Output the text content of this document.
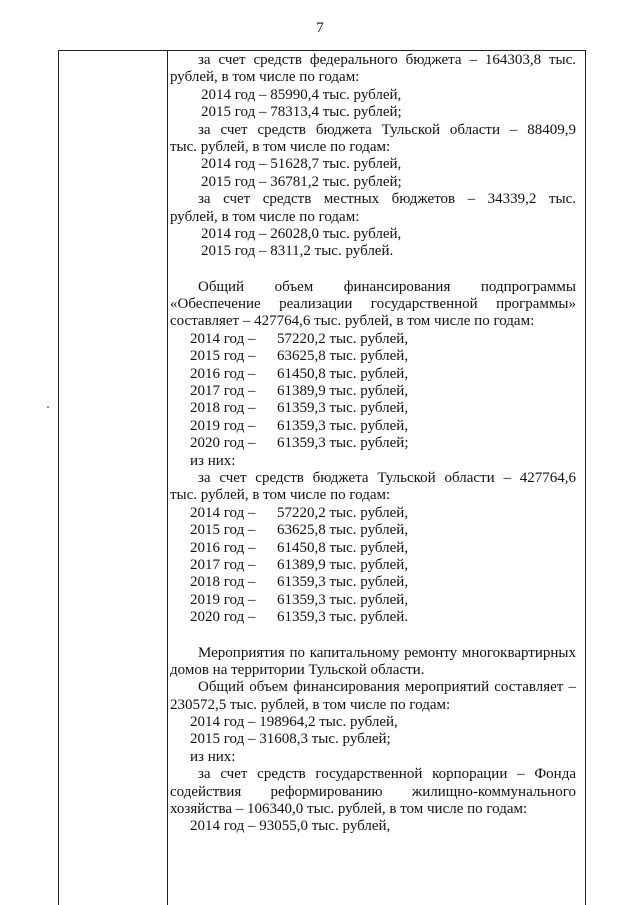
7
за счет средств федерального бюджета – 164303,8 тыс.
рублей, в том числе по годам:
2014 год – 85990,4 тыс. рублей,
2015 год – 78313,4 тыс. рублей;
за счет средств бюджета Тульской области – 88409,9
тыс. рублей, в том числе по годам:
2014 год – 51628,7 тыс. рублей,
2015 год – 36781,2 тыс. рублей;
за счет средств местных бюджетов – 34339,2 тыс.
рублей, в том числе по годам:
2014 год – 26028,0 тыс. рублей,
2015 год – 8311,2 тыс. рублей.
Общий объем финансирования подпрограммы
«Обеспечение реализации государственной программы»
составляет – 427764,6 тыс. рублей, в том числе по годам:
2014 год – 57220,2 тыс. рублей,
2015 год – 63625,8 тыс. рублей,
2016 год – 61450,8 тыс. рублей,
2017 год – 61389,9 тыс. рублей,
2018 год – 61359,3 тыс. рублей,
2019 год – 61359,3 тыс. рублей,
2020 год – 61359,3 тыс. рублей;
из них:
за счет средств бюджета Тульской области – 427764,6
тыс. рублей, в том числе по годам:
2014 год – 57220,2 тыс. рублей,
2015 год – 63625,8 тыс. рублей,
2016 год – 61450,8 тыс. рублей,
2017 год – 61389,9 тыс. рублей,
2018 год – 61359,3 тыс. рублей,
2019 год – 61359,3 тыс. рублей,
2020 год – 61359,3 тыс. рублей.
Мероприятия по капитальному ремонту многоквартирных
домов на территории Тульской области.
Общий объем финансирования мероприятий составляет –
230572,5 тыс. рублей, в том числе по годам:
2014 год – 198964,2 тыс. рублей,
2015 год – 31608,3 тыс. рублей;
из них:
за счет средств государственной корпорации – Фонда
содействия реформированию жилищно-коммунального
хозяйства – 106340,0 тыс. рублей, в том числе по годам:
2014 год – 93055,0 тыс. рублей,
